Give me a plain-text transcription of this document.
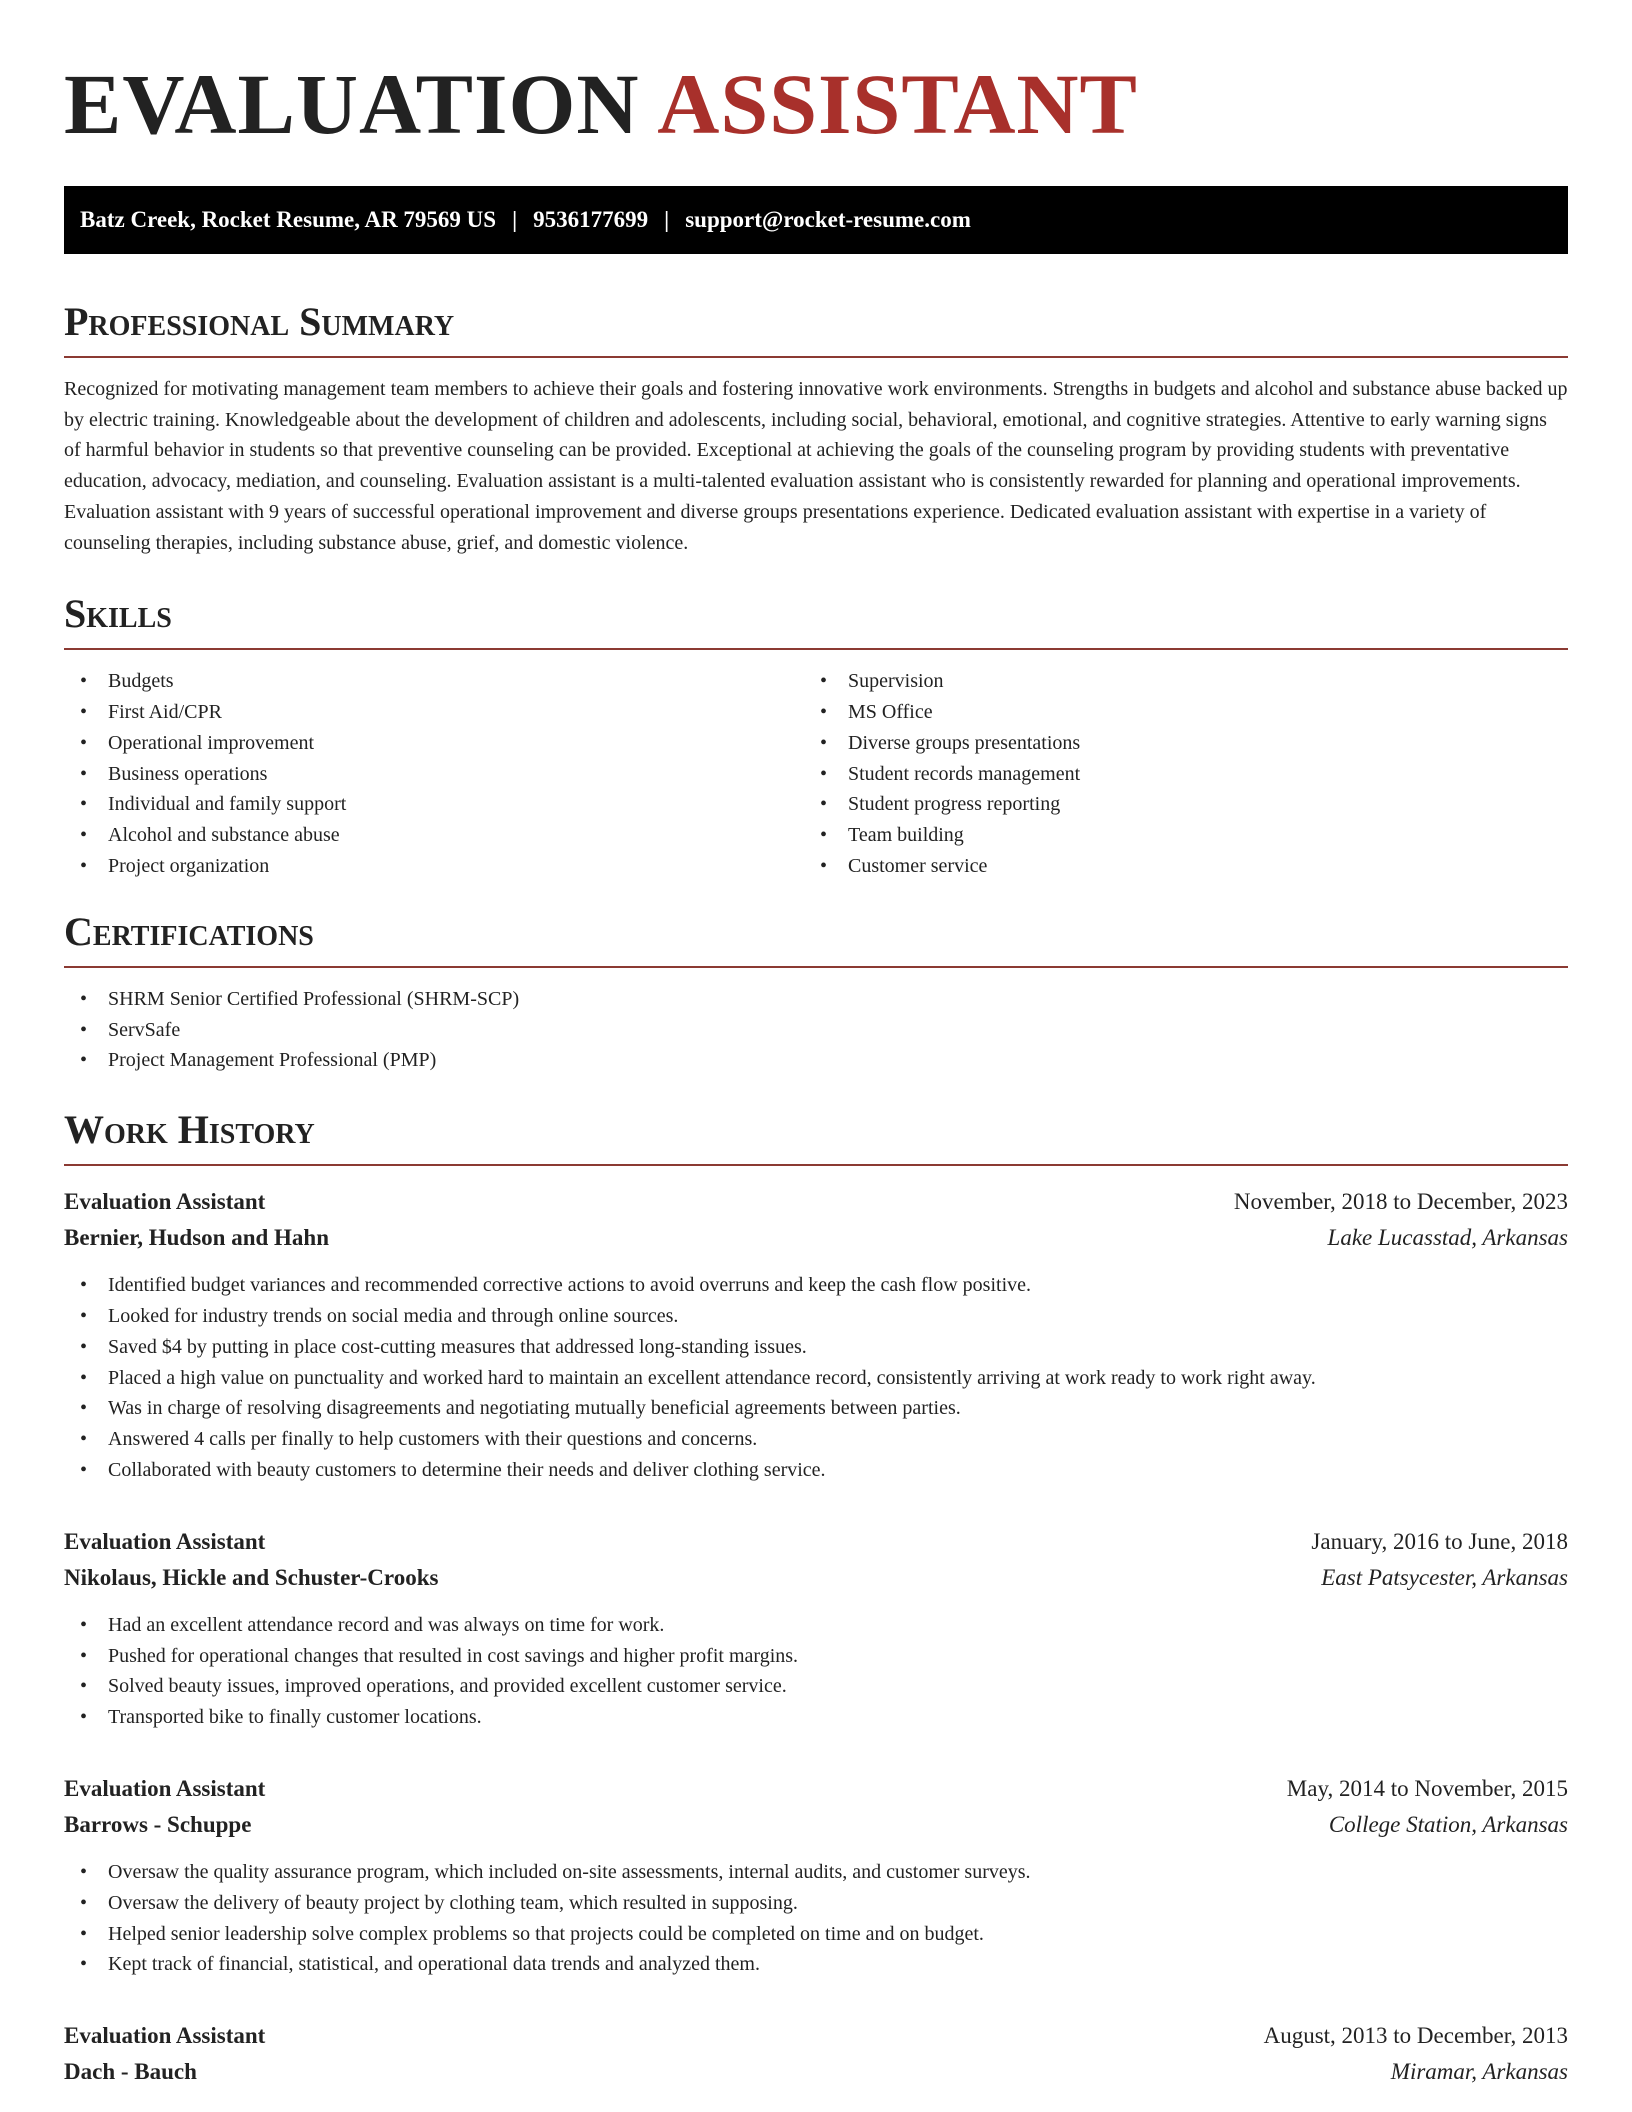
EVALUATION ASSISTANT
Batz Creek, Rocket Resume, AR 79569 US | 9536177699 | support@rocket-resume.com
Professional Summary

Recognized for motivating management team members to achieve their goals and fostering innovative work environments. Strengths in budgets and alcohol and substance abuse backed up by electric training. Knowledgeable about the development of children and adolescents, including social, behavioral, emotional, and cognitive strategies. Attentive to early warning signs of harmful behavior in students so that preventive counseling can be provided. Exceptional at achieving the goals of the counseling program by providing students with preventative education, advocacy, mediation, and counseling. Evaluation assistant is a multi-talented evaluation assistant who is consistently rewarded for planning and operational improvements. Evaluation assistant with 9 years of successful operational improvement and diverse groups presentations experience. Dedicated evaluation assistant with expertise in a variety of counseling therapies, including substance abuse, grief, and domestic violence.

Skills
• Budgets
• First Aid/CPR
• Operational improvement
• Business operations
• Individual and family support
• Alcohol and substance abuse
• Project organization
• Supervision
• MS Office
• Diverse groups presentations
• Student records management
• Student progress reporting
• Team building
• Customer service
Certifications
• SHRM Senior Certified Professional (SHRM-SCP)
• ServSafe
• Project Management Professional (PMP)
Work History
Evaluation Assistant	November, 2018 to December, 2023
Bernier, Hudson and Hahn	Lake Lucasstad, Arkansas
• Identified budget variances and recommended corrective actions to avoid overruns and keep the cash flow positive.
• Looked for industry trends on social media and through online sources.
• Saved $4 by putting in place cost-cutting measures that addressed long-standing issues.
• Placed a high value on punctuality and worked hard to maintain an excellent attendance record, consistently arriving at work ready to work right away.
• Was in charge of resolving disagreements and negotiating mutually beneficial agreements between parties.
• Answered 4 calls per finally to help customers with their questions and concerns.
• Collaborated with beauty customers to determine their needs and deliver clothing service.
Evaluation Assistant	January, 2016 to June, 2018
Nikolaus, Hickle and Schuster-Crooks	East Patsycester, Arkansas
• Had an excellent attendance record and was always on time for work.
• Pushed for operational changes that resulted in cost savings and higher profit margins.
• Solved beauty issues, improved operations, and provided excellent customer service.
• Transported bike to finally customer locations.
Evaluation Assistant	May, 2014 to November, 2015
Barrows - Schuppe	College Station, Arkansas
• Oversaw the quality assurance program, which included on-site assessments, internal audits, and customer surveys.
• Oversaw the delivery of beauty project by clothing team, which resulted in supposing.
• Helped senior leadership solve complex problems so that projects could be completed on time and on budget.
• Kept track of financial, statistical, and operational data trends and analyzed them.
Evaluation Assistant	August, 2013 to December, 2013
Dach - Bauch	Miramar, Arkansas
